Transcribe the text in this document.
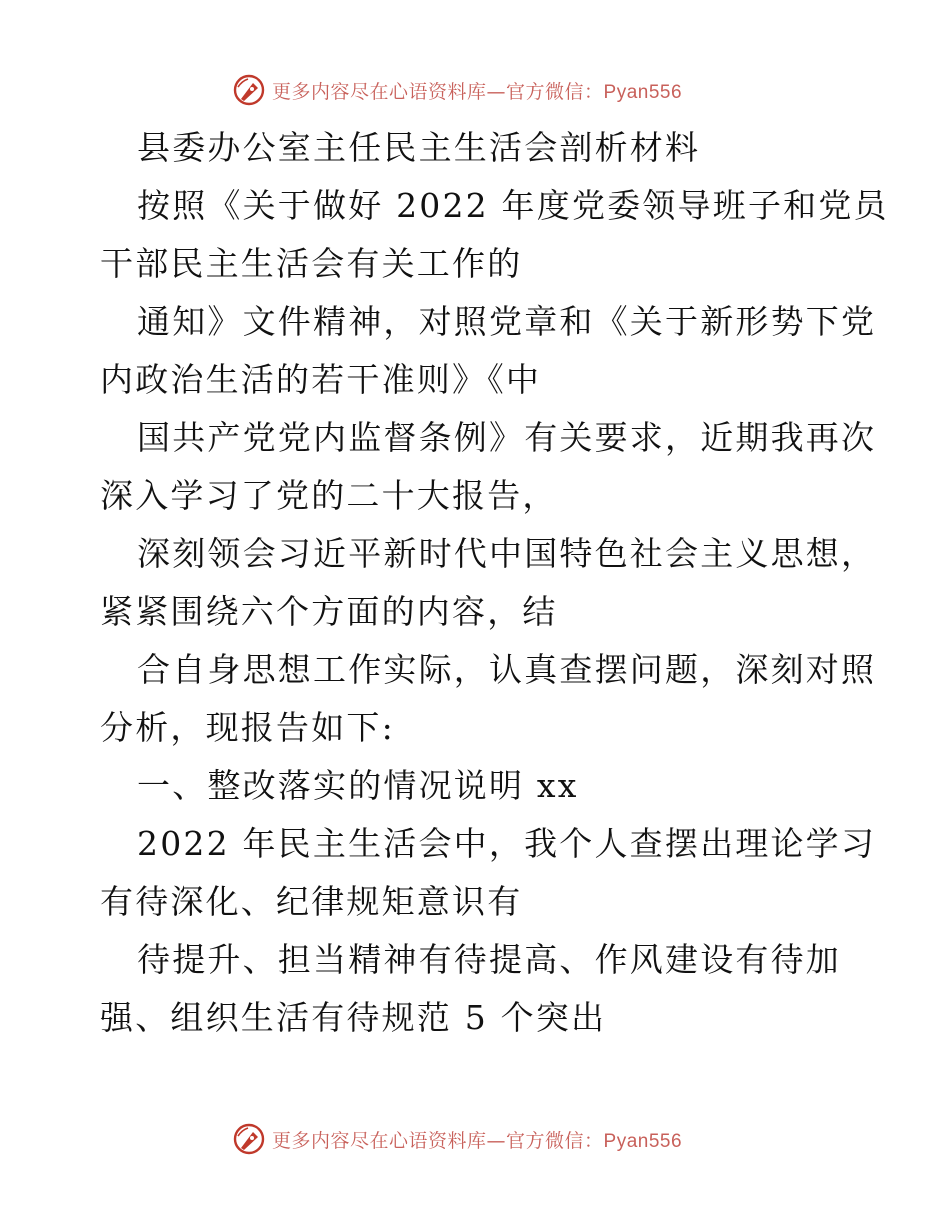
更多内容尽在心语资料库—官方微信：Pyan556
县委办公室主任民主生活会剖析材料
按照《关于做好 2022 年度党委领导班子和党员
干部民主生活会有关工作的
通知》文件精神，对照党章和《关于新形势下党
内政治生活的若干准则》《中
国共产党党内监督条例》有关要求，近期我再次
深入学习了党的二十大报告，
深刻领会习近平新时代中国特色社会主义思想，
紧紧围绕六个方面的内容，结
合自身思想工作实际，认真查摆问题，深刻对照
分析，现报告如下:
一、整改落实的情况说明 xx
2022 年民主生活会中，我个人查摆出理论学习
有待深化、纪律规矩意识有
待提升、担当精神有待提高、作风建设有待加
强、组织生活有待规范 5 个突出
更多内容尽在心语资料库—官方微信：Pyan556
